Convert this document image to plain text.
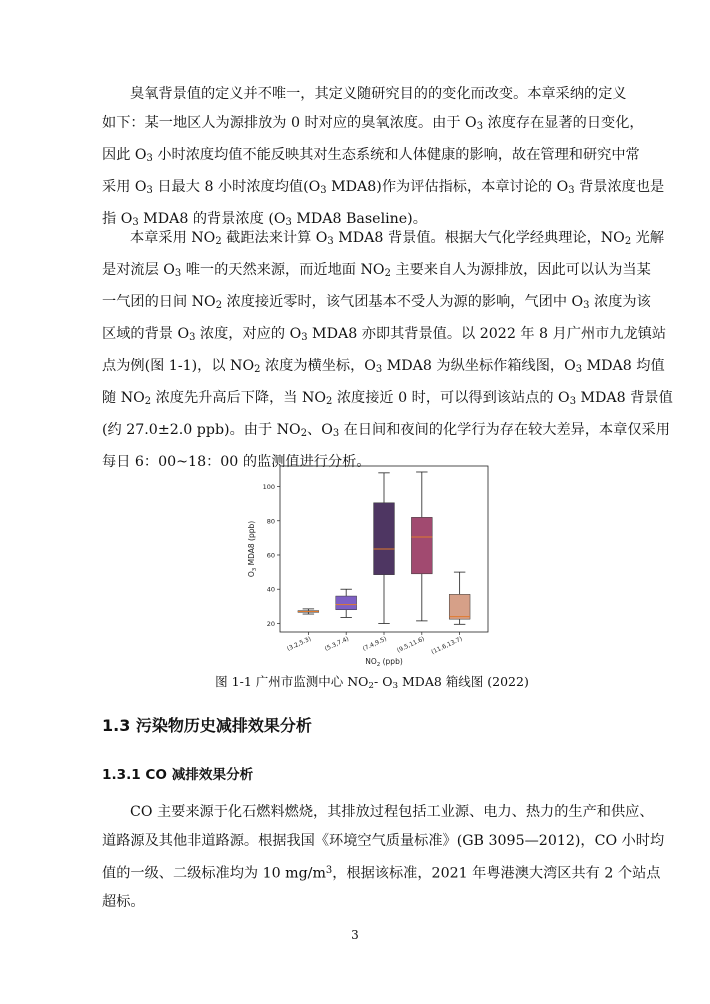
臭氧背景值的定义并不唯一，其定义随研究目的的变化而改变。本章采纳的定义
如下：某一地区人为源排放为 0 时对应的臭氧浓度。由于 $O_3$ 浓度存在显著的日变化，
因此 $O_3$ 小时浓度均值不能反映其对生态系统和人体健康的影响，故在管理和研究中常
采用 $O_3$ 日最大 8 小时浓度均值($O_3$ MDA8)作为评估指标，本章讨论的 $O_3$ 背景浓度也是
指 $O_3$ MDA8 的背景浓度 ($O_3$ MDA8 Baseline)。
本章采用 $NO_2$ 截距法来计算 $O_3$ MDA8 背景值。根据大气化学经典理论，$NO_2$ 光解
是对流层 $O_3$ 唯一的天然来源，而近地面 $NO_2$ 主要来自人为源排放，因此可以认为当某
一气团的日间 $NO_2$ 浓度接近零时，该气团基本不受人为源的影响，气团中 $O_3$ 浓度为该
区域的背景 $O_3$ 浓度，对应的 $O_3$ MDA8 亦即其背景值。以 2022 年 8 月广州市九龙镇站
点为例(图 1-1)，以 $NO_2$ 浓度为横坐标，$O_3$ MDA8 为纵坐标作箱线图，$O_3$ MDA8 均值
随 $NO_2$ 浓度先升高后下降，当 $NO_2$ 浓度接近 0 时，可以得到该站点的 $O_3$ MDA8 背景值
(约 27.0±2.0 ppb)。由于 $NO_2$、$O_3$ 在日间和夜间的化学行为存在较大差异，本章仅采用
每日 6：00~18：00 的监测值进行分析。
20
40
60
80
100
(3.2,5.3) (5.3,7.4) (7.4,9.5) (9.5,11.6) (11.6,13.7)
$O_3$ MDA8 (ppb)
$NO_2$ (ppb)
图 1-1 广州市监测中心 $NO_2-$ $O_3$ MDA8 箱线图 (2022)
1.3 污染物历史减排效果分析
1.3.1 CO 减排效果分析
CO 主要来源于化石燃料燃烧，其排放过程包括工业源、电力、热力的生产和供应、
道路源及其他非道路源。根据我国《环境空气质量标准》(GB 3095—2012)，CO 小时均
值的一级、二级标准均为 10 $mg/m^3$，根据该标准，2021 年粤港澳大湾区共有 2 个站点
超标。
3
